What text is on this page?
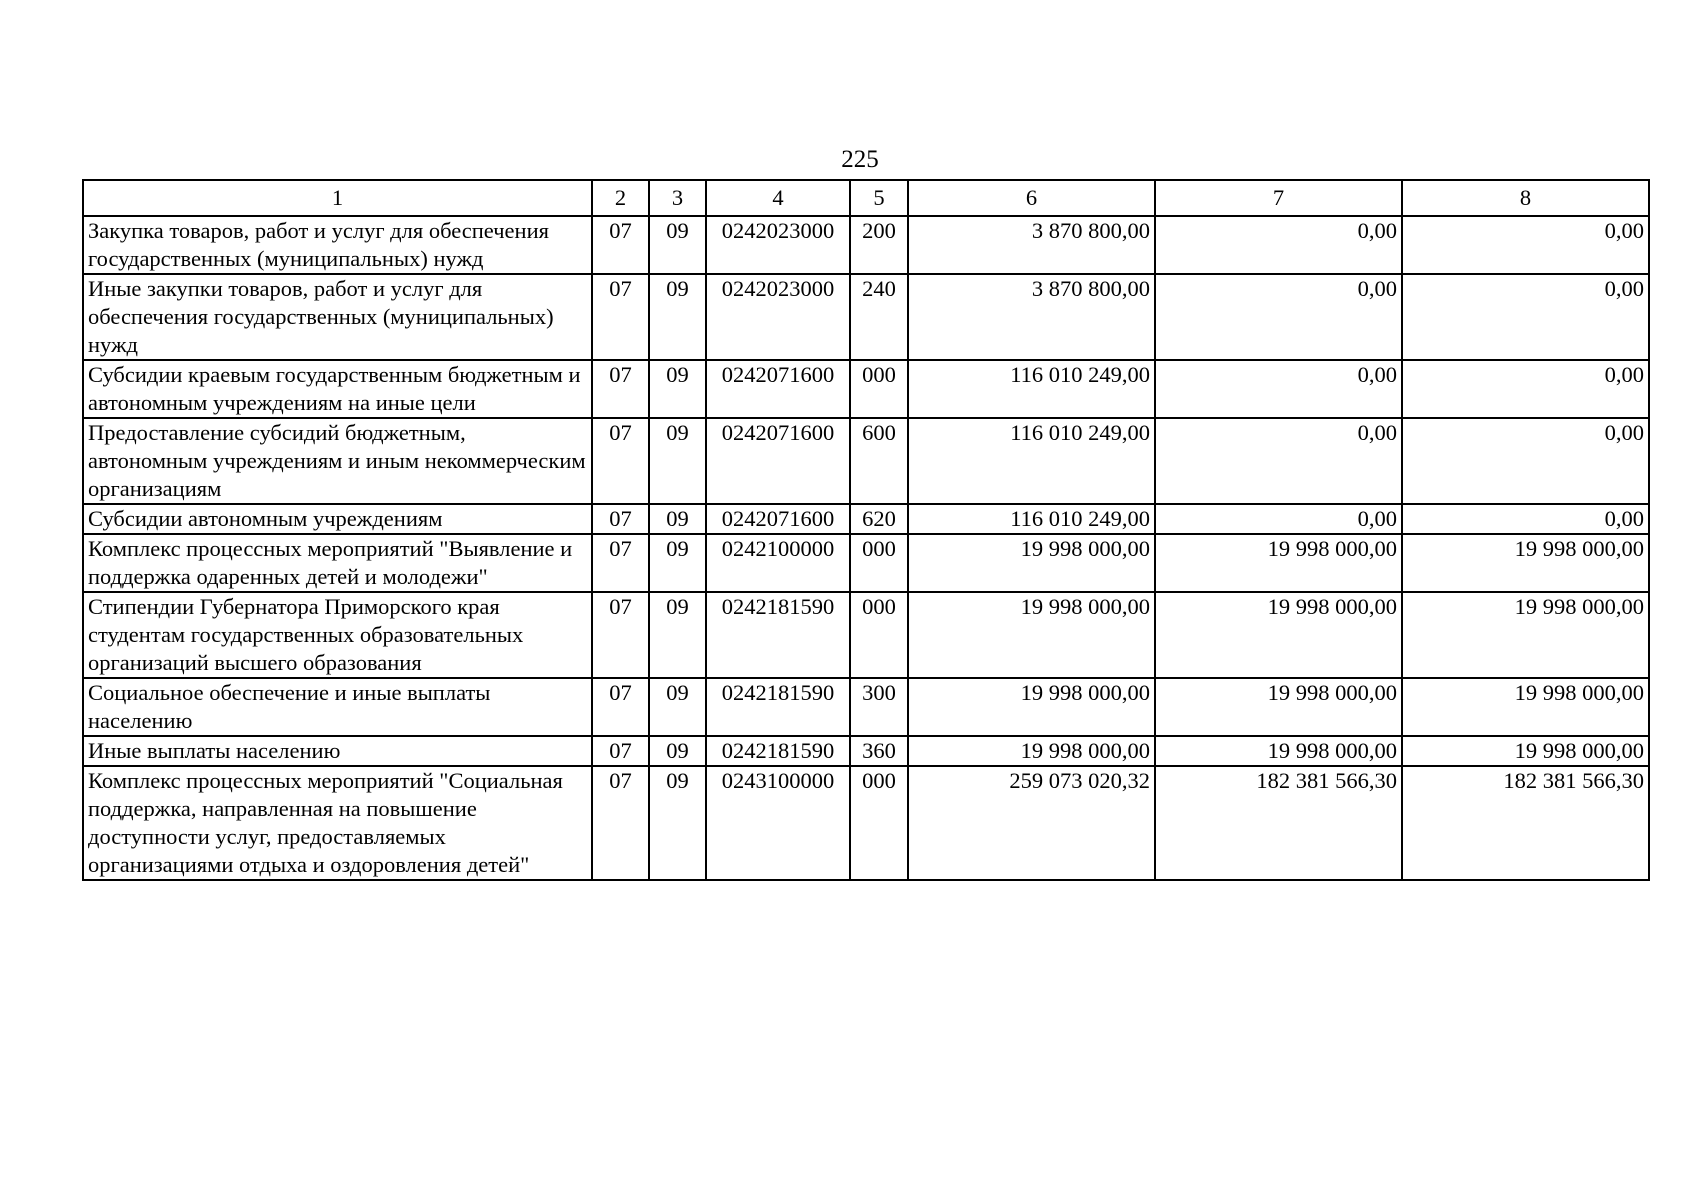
225
1	2	3	4	5	6	7	8
Закупка товаров, работ и услуг для обеспечения государственных (муниципальных) нужд	07	09	0242023000	200	3 870 800,00	0,00	0,00
Иные закупки товаров, работ и услуг для обеспечения государственных (муниципальных) нужд	07	09	0242023000	240	3 870 800,00	0,00	0,00
Субсидии краевым государственным бюджетным и автономным учреждениям на иные цели	07	09	0242071600	000	116 010 249,00	0,00	0,00
Предоставление субсидий бюджетным, автономным учреждениям и иным некоммерческим организациям	07	09	0242071600	600	116 010 249,00	0,00	0,00
Субсидии автономным учреждениям	07	09	0242071600	620	116 010 249,00	0,00	0,00
Комплекс процессных мероприятий "Выявление и поддержка одаренных детей и молодежи"	07	09	0242100000	000	19 998 000,00	19 998 000,00	19 998 000,00
Стипендии Губернатора Приморского края студентам государственных образовательных организаций высшего образования	07	09	0242181590	000	19 998 000,00	19 998 000,00	19 998 000,00
Социальное обеспечение и иные выплаты населению	07	09	0242181590	300	19 998 000,00	19 998 000,00	19 998 000,00
Иные выплаты населению	07	09	0242181590	360	19 998 000,00	19 998 000,00	19 998 000,00
Комплекс процессных мероприятий "Социальная поддержка, направленная на повышение доступности услуг, предоставляемых организациями отдыха и оздоровления детей"	07	09	0243100000	000	259 073 020,32	182 381 566,30	182 381 566,30
